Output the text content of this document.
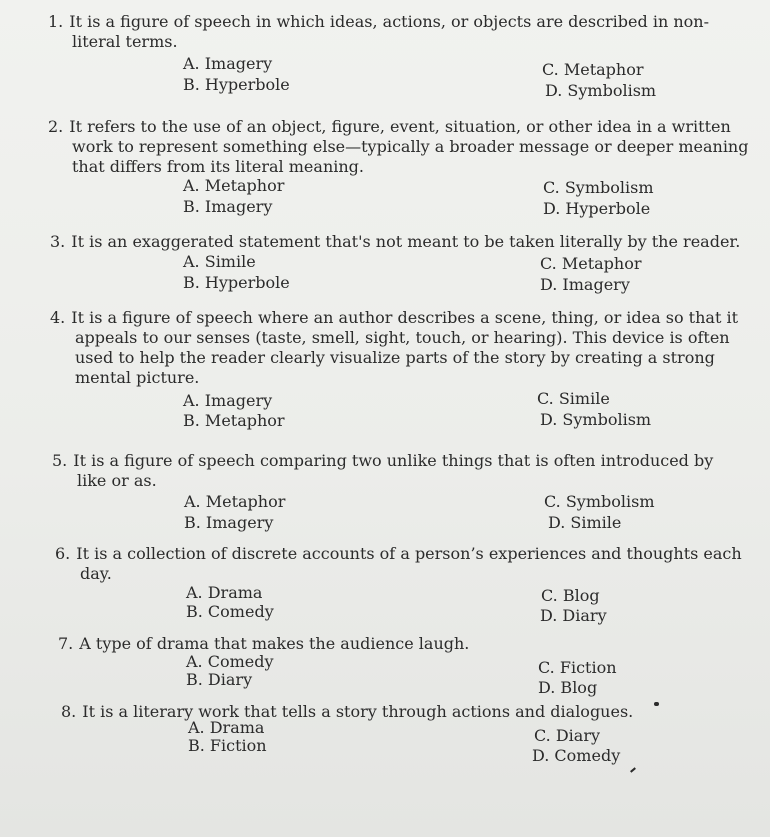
1. It is a figure of speech in which ideas, actions, or objects are described in non-
literal terms.
A. Imagery
B. Hyperbole
C. Metaphor
D. Symbolism
2. It refers to the use of an object, figure, event, situation, or other idea in a written
work to represent something else—typically a broader message or deeper meaning
that differs from its literal meaning.
A. Metaphor
B. Imagery
C. Symbolism
D. Hyperbole
3. It is an exaggerated statement that's not meant to be taken literally by the reader.
A. Simile
B. Hyperbole
C. Metaphor
D. Imagery
4. It is a figure of speech where an author describes a scene, thing, or idea so that it
appeals to our senses (taste, smell, sight, touch, or hearing). This device is often
used to help the reader clearly visualize parts of the story by creating a strong
mental picture.
A. Imagery
B. Metaphor
C. Simile
D. Symbolism
5. It is a figure of speech comparing two unlike things that is often introduced by
like or as.
A. Metaphor
B. Imagery
C. Symbolism
D. Simile
6. It is a collection of discrete accounts of a person’s experiences and thoughts each
day.
A. Drama
B. Comedy
C. Blog
D. Diary
7. A type of drama that makes the audience laugh.
A. Comedy
B. Diary
C. Fiction
D. Blog
8. It is a literary work that tells a story through actions and dialogues.
A. Drama
B. Fiction
C. Diary
D. Comedy
